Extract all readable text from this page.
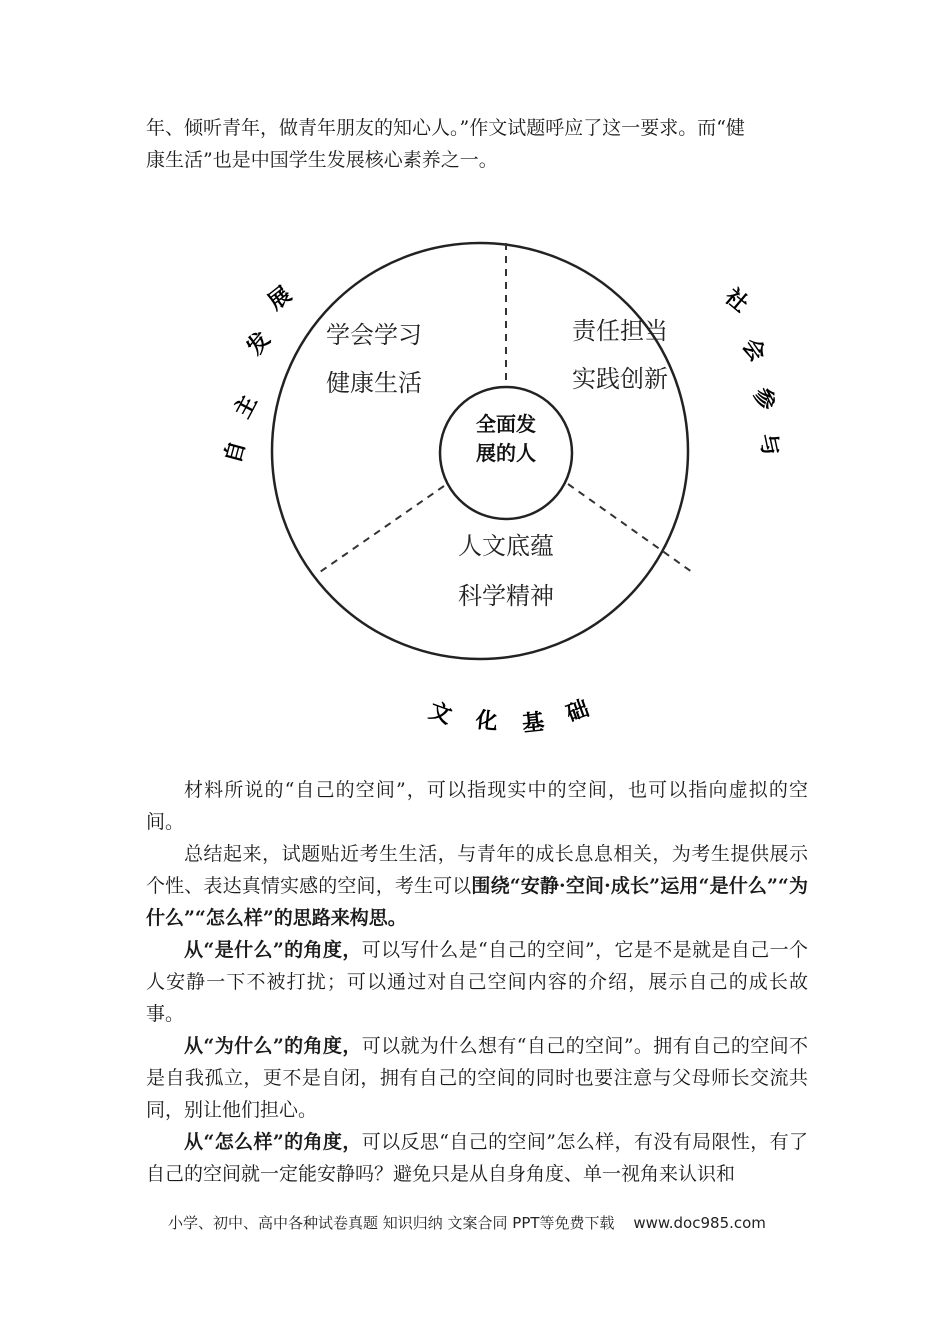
年、倾听青年，做青年朋友的知心人。”作文试题呼应了这一要求。而“健
康生活”也是中国学生发展核心素养之一。

全面发
展的人
学会学习
健康生活
责任担当
实践创新
人文底蕴
科学精神
自
主
发
展	社
会
参
与
文 化 基 础

材料所说的“自己的空间”，可以指现实中的空间，也可以指向虚拟的空间。

总结起来，试题贴近考生生活，与青年的成长息息相关，为考生提供展示个性、表达真情实感的空间，考生可以围绕“安静·空间·成长”运用“是什么”“为什么”“怎么样”的思路来构思。

从“是什么”的角度，可以写什么是“自己的空间”，它是不是就是自己一个人安静一下不被打扰；可以通过对自己空间内容的介绍，展示自己的成长故事。

从“为什么”的角度，可以就为什么想有“自己的空间”。拥有自己的空间不是自我孤立，更不是自闭，拥有自己的空间的同时也要注意与父母师长交流共同，别让他们担心。

从“怎么样”的角度，可以反思“自己的空间”怎么样，有没有局限性，有了自己的空间就一定能安静吗？避免只是从自身角度、单一视角来认识和

小学、初中、高中各种试卷真题 知识归纳 文案合同 PPT等免费下载 www.doc985.com
